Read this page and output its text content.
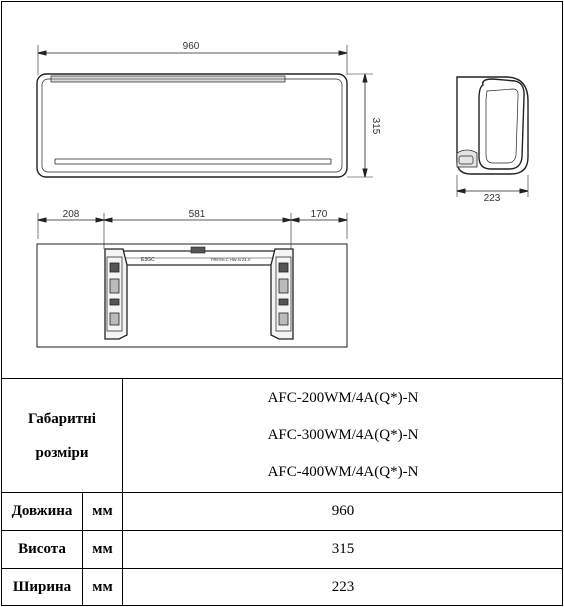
960
315
223
208	581	170
E3GC	FRESH-C HW-N Z4-V
Габаритні
розміри
AFC-200WM/4A(Q*)-N
AFC-300WM/4A(Q*)-N
AFC-400WM/4A(Q*)-N
Довжина	мм	960
Висота	мм	315
Ширина	мм	223
